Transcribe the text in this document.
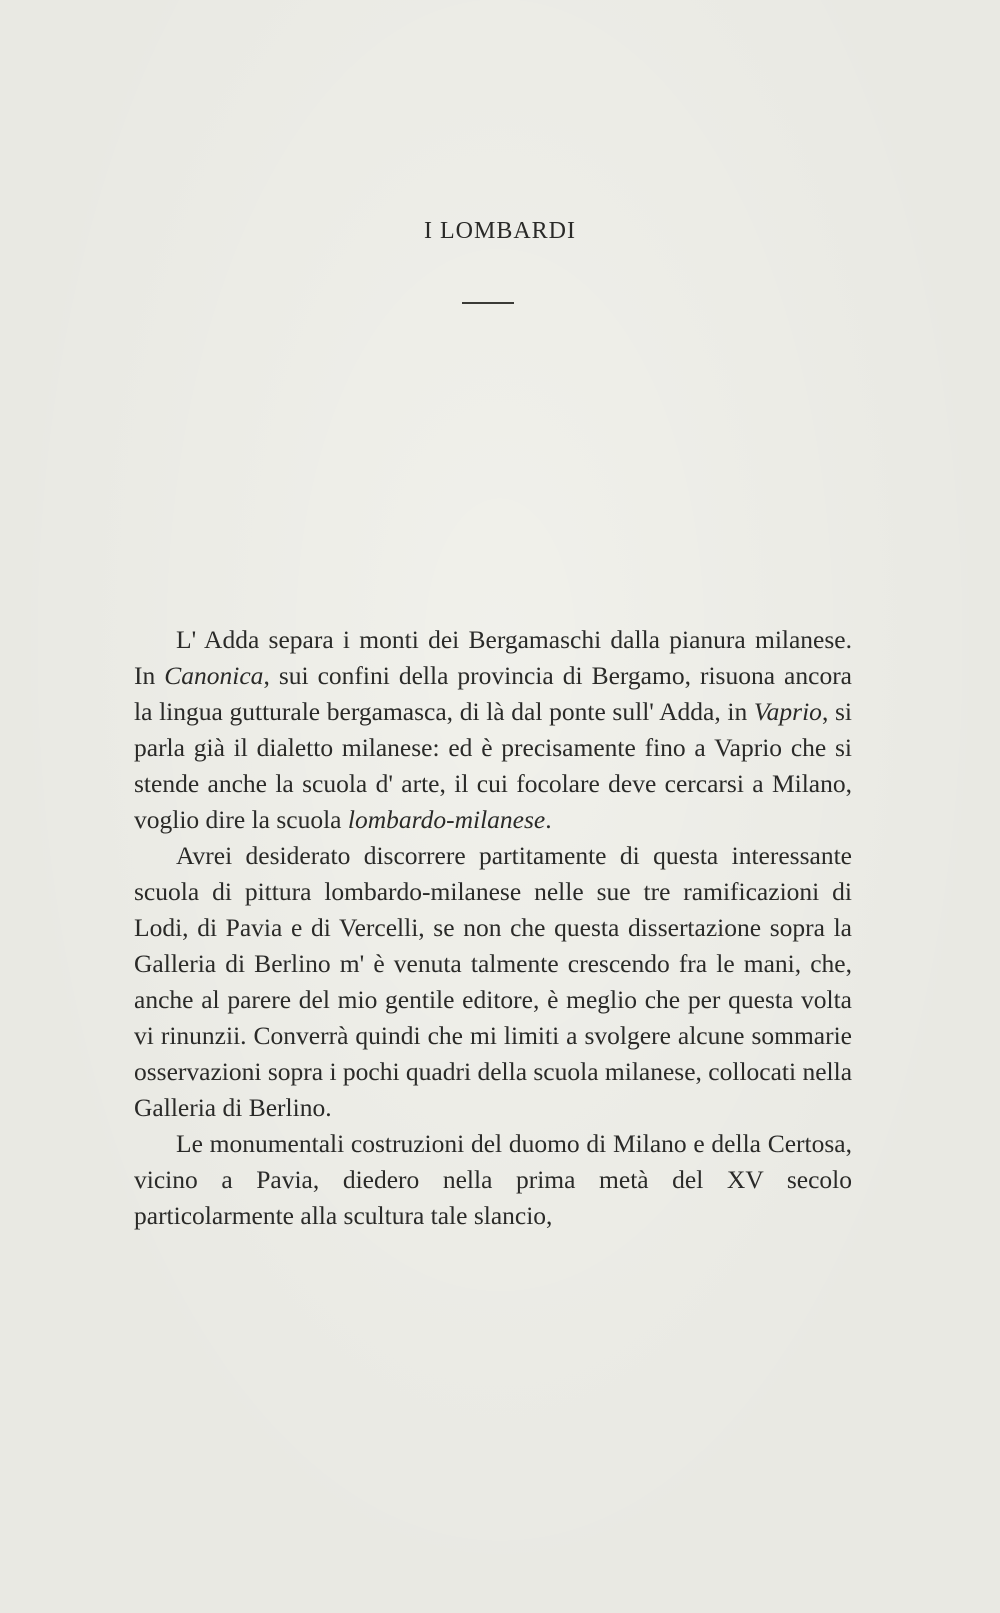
I LOMBARDI

L' Adda separa i monti dei Bergamaschi dalla pianura milanese. In Canonica, sui confini della provincia di Bergamo, risuona ancora la lingua gutturale bergamasca, di là dal ponte sull' Adda, in Vaprio, si parla già il dialetto milanese: ed è precisamente fino a Vaprio che si stende anche la scuola d' arte, il cui focolare deve cercarsi a Milano, voglio dire la scuola lombardo-milanese.

Avrei desiderato discorrere partitamente di questa interessante scuola di pittura lombardo-milanese nelle sue tre ramificazioni di Lodi, di Pavia e di Vercelli, se non che questa dissertazione sopra la Galleria di Berlino m' è venuta talmente crescendo fra le mani, che, anche al parere del mio gentile editore, è meglio che per questa volta vi rinunzii. Converrà quindi che mi limiti a svolgere alcune sommarie osservazioni sopra i pochi quadri della scuola milanese, collocati nella Galleria di Berlino.

Le monumentali costruzioni del duomo di Milano e della Certosa, vicino a Pavia, diedero nella prima metà del XV secolo particolarmente alla scultura tale slancio,
